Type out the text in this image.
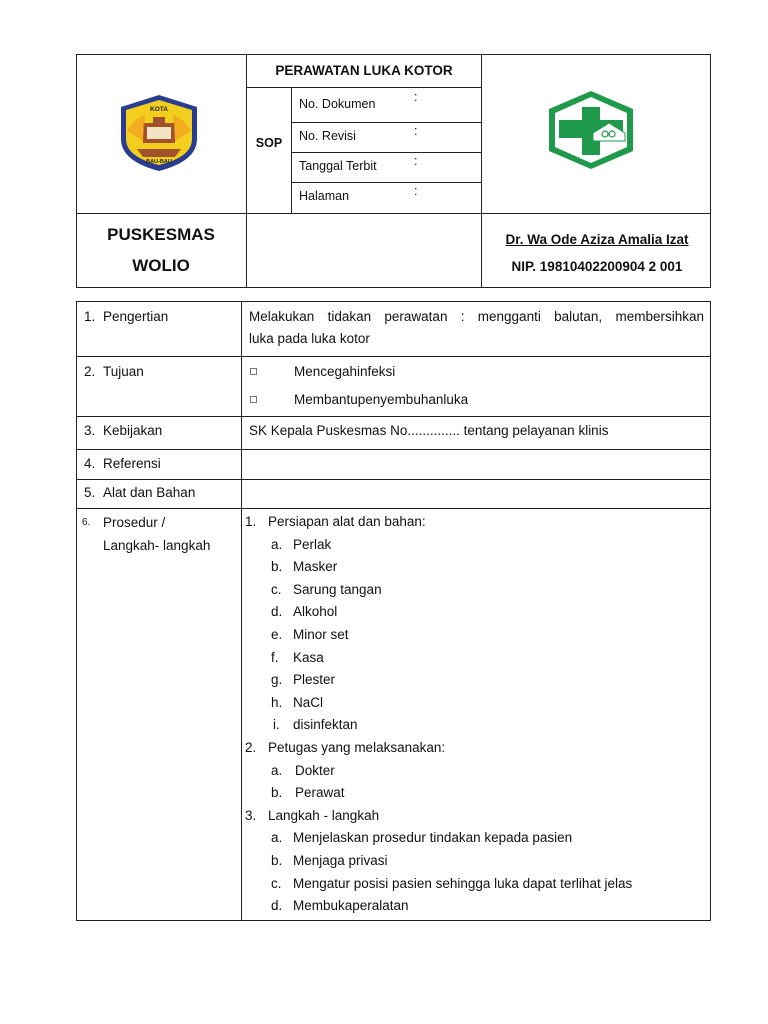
KOTA
BAU-BAU
PERAWATAN LUKA KOTOR
SOP
No. Dokumen	:
No. Revisi	:
Tanggal Terbit	:
Halaman	:
PUSKESMAS
WOLIO
Dr. Wa Ode Aziza Amalia Izat
NIP. 19810402200904 2 001
1. Pengertian	Melakukan tidakan perawatan : mengganti balutan, membersihkan
luka pada luka kotor
2. Tujuan	Mencegahinfeksi
Membantupenyembuhanluka
3. Kebijakan	SK Kepala Puskesmas No.............. tentang pelayanan klinis
4. Referensi
5. Alat dan Bahan
6. Prosedur /
Langkah- langkah
1. Persiapan alat dan bahan:
a. Perlak
b. Masker
c. Sarung tangan
d. Alkohol
e. Minor set
f. Kasa
g. Plester
h. NaCl
i. disinfektan
2. Petugas yang melaksanakan:
a. Dokter
b. Perawat
3. Langkah - langkah
a. Menjelaskan prosedur tindakan kepada pasien
b. Menjaga privasi
c. Mengatur posisi pasien sehingga luka dapat terlihat jelas
d. Membukaperalatan
